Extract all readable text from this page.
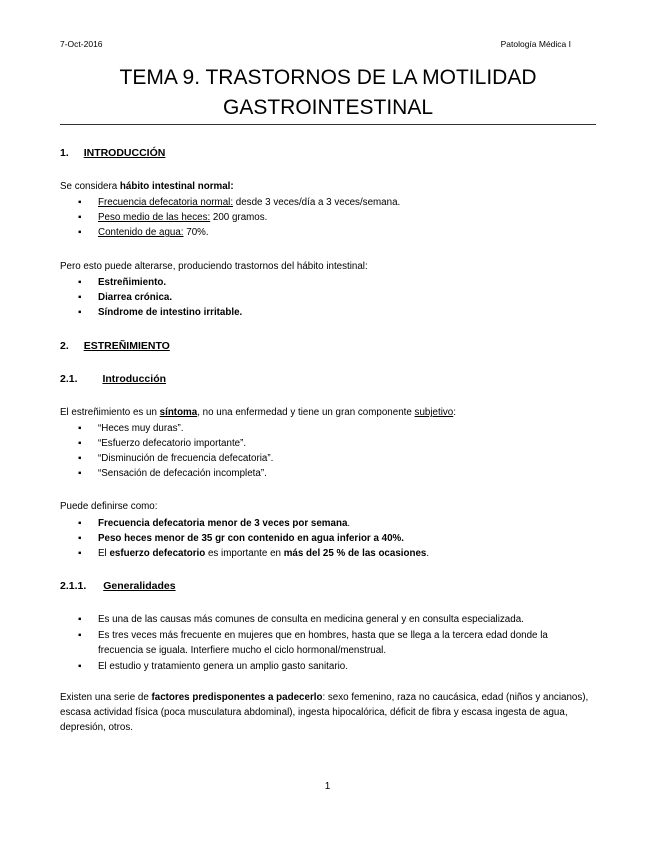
7-Oct-2016	Patología Médica I
TEMA 9. TRASTORNOS DE LA MOTILIDAD
GASTROINTESTINAL
1. INTRODUCCIÓN
Se considera hábito intestinal normal:
▪ Frecuencia defecatoria normal: desde 3 veces/día a 3 veces/semana.
▪ Peso medio de las heces: 200 gramos.
▪ Contenido de agua: 70%.
Pero esto puede alterarse, produciendo trastornos del hábito intestinal:
▪ Estreñimiento.
▪ Diarrea crónica.
▪ Síndrome de intestino irritable.
2. ESTREÑIMIENTO
2.1. Introducción
El estreñimiento es un síntoma, no una enfermedad y tiene un gran componente subjetivo:
▪ “Heces muy duras”.
▪ “Esfuerzo defecatorio importante”.
▪ “Disminución de frecuencia defecatoria”.
▪ “Sensación de defecación incompleta”.
Puede definirse como:
▪ Frecuencia defecatoria menor de 3 veces por semana.
▪ Peso heces menor de 35 gr con contenido en agua inferior a 40%.
▪ El esfuerzo defecatorio es importante en más del 25 % de las ocasiones.
2.1.1. Generalidades
▪ Es una de las causas más comunes de consulta en medicina general y en consulta especializada.
▪ Es tres veces más frecuente en mujeres que en hombres, hasta que se llega a la tercera edad donde la frecuencia se iguala. Interfiere mucho el ciclo hormonal/menstrual.
▪ El estudio y tratamiento genera un amplio gasto sanitario.
Existen una serie de factores predisponentes a padecerlo: sexo femenino, raza no caucásica, edad (niños y ancianos), escasa actividad física (poca musculatura abdominal), ingesta hipocalórica, déficit de fibra y escasa ingesta de agua, depresión, otros.
1
